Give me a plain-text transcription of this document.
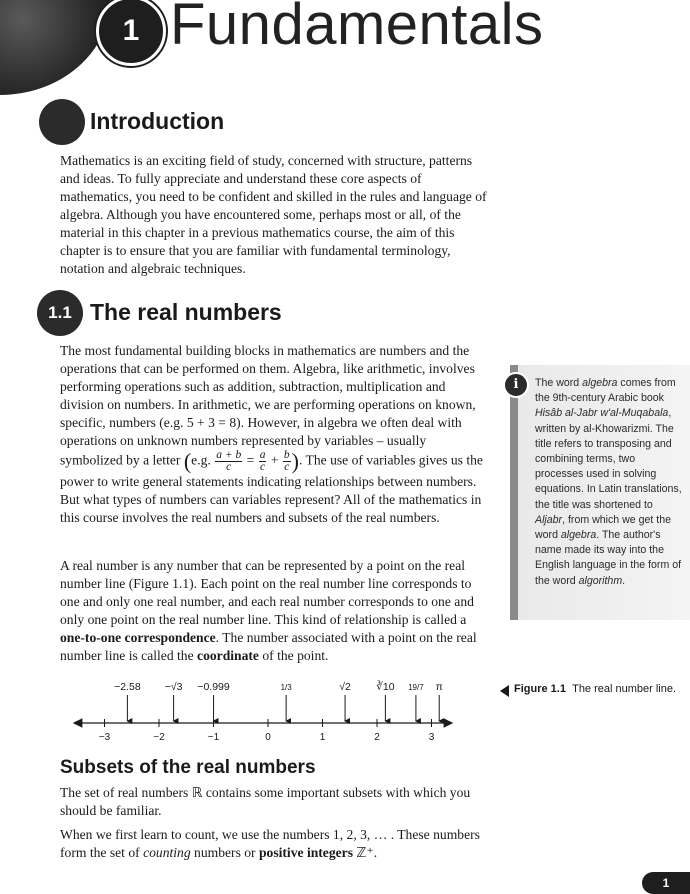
1 Fundamentals
Introduction

Mathematics is an exciting field of study, concerned with structure, patterns and ideas. To fully appreciate and understand these core aspects of mathematics, you need to be confident and skilled in the rules and language of algebra. Although you have encountered some, perhaps most or all, of the material in this chapter in a previous mathematics course, the aim of this chapter is to ensure that you are familiar with fundamental terminology, notation and algebraic techniques.

1.1 The real numbers

The most fundamental building blocks in mathematics are numbers and the operations that can be performed on them. Algebra, like arithmetic, involves performing operations such as addition, subtraction, multiplication and division on numbers. In arithmetic, we are performing operations on known, specific, numbers (e.g. 5 + 3 = 8). However, in algebra we often deal with operations on unknown numbers represented by variables – usually symbolized by a letter (e.g. $\frac{a + b}{c} = \frac{a}{c} + \frac{b}{c}$ ). The use of variables gives us the power to write general statements indicating relationships between numbers. But what types of numbers can variables represent? All of the mathematics in this course involves the real numbers and subsets of the real numbers.

A real number is any number that can be represented by a point on the real number line (Figure 1.1). Each point on the real number line corresponds to one and only one real number, and each real number corresponds to one and only one point on the real number line. This kind of relationship is called a one-to-one correspondence. The number associated with a point on the real number line is called the coordinate of the point.

i	The word algebra comes from the 9th-century Arabic book Hisâb al-Jabr w'al-Muqabala, written by al-Khowarizmi. The title refers to transposing and combining terms, two processes used in solving equations. In Latin translations, the title was shortened to Aljabr, from which we get the word algebra. The author's name made its way into the English language in the form of the word algorithm.
−3	−2	−1	0	1	2	3
−2.58 −√3 −0.999	1/3	√2 ∛10 19/7 π	Figure 1.1 The real number line.
Subsets of the real numbers

The set of real numbers ℝ contains some important subsets with which you should be familiar.

When we first learn to count, we use the numbers 1, 2, 3, … . These numbers form the set of counting numbers or positive integers ℤ⁺.

1
